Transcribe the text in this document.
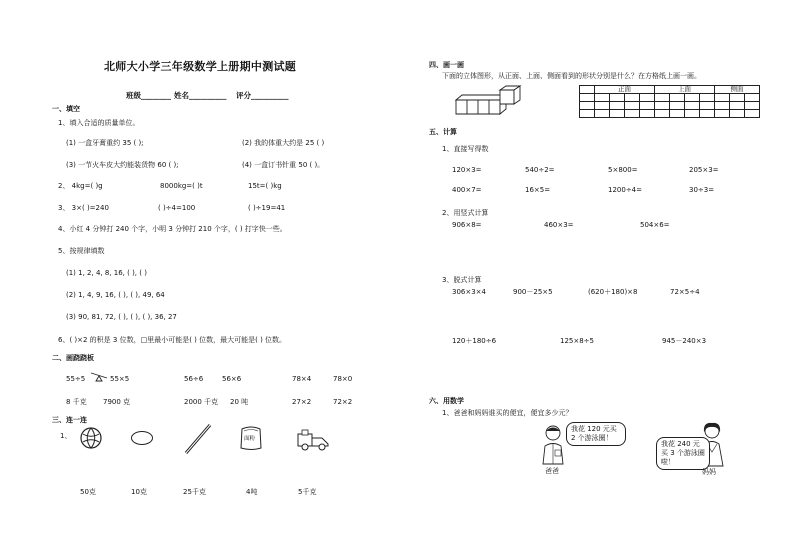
北师大小学三年级数学上册期中测试题
班级________ 姓名__________ 评分__________
一、填空
1、填入合适的质量单位。
(1) 一盒牙膏重约 35 ( );	(2) 我的体重大约是 25 ( )
(3) 一节火车皮大约能装货物 60 ( );	(4) 一盒订书针重 50 ( )。
2、 4kg=( )g	8000kg=( )t	15t=( )kg
3、 3×( )=240	( )÷4=100	( )÷19=41
4、小红 4 分钟打 240 个字，小明 3 分钟打 210 个字，( ) 打字快一些。
5、按规律填数
(1) 1, 2, 4, 8, 16, ( ), ( )
(2) 1, 4, 9, 16, ( ), ( ), 49, 64
(3) 90, 81, 72, ( ), ( ), ( ), 36, 27
6、( )×2 的积是 3 位数，□里最小可能是( ) 位数，最大可能是( ) 位数。
二、画跷跷板
55÷5	55×5	56÷6	56×6	78×4	78×0
8 千克 7900 克	2000 千克 20 吨	27×2	72×2
三、连一连
1、	面粉
50克	10克	25千克	4吨	5千克
四、画一画
下面的立体图形，从正面、上面、侧面看到的形状分别是什么？在方格纸上画一画。
	正面				上面				侧面		

五、计算
1、直接写得数
120×3=	540÷2=	5×800=	205×3=
400×7=	16×5=	1200÷4=	30÷3=
2、用竖式计算
906×8=	460×3=	504×6=
3、脱式计算
306×3×4	900－25×5	(620＋180)×8	72×5÷4
120＋180÷6	125×8÷5	945－240×3
六、用数学
1、爸爸和妈妈谁买的便宜，便宜多少元？
我花 120 元买 2 个游泳圈！
爸爸
我花 240 元买 3 个游泳圈啦！
妈妈
